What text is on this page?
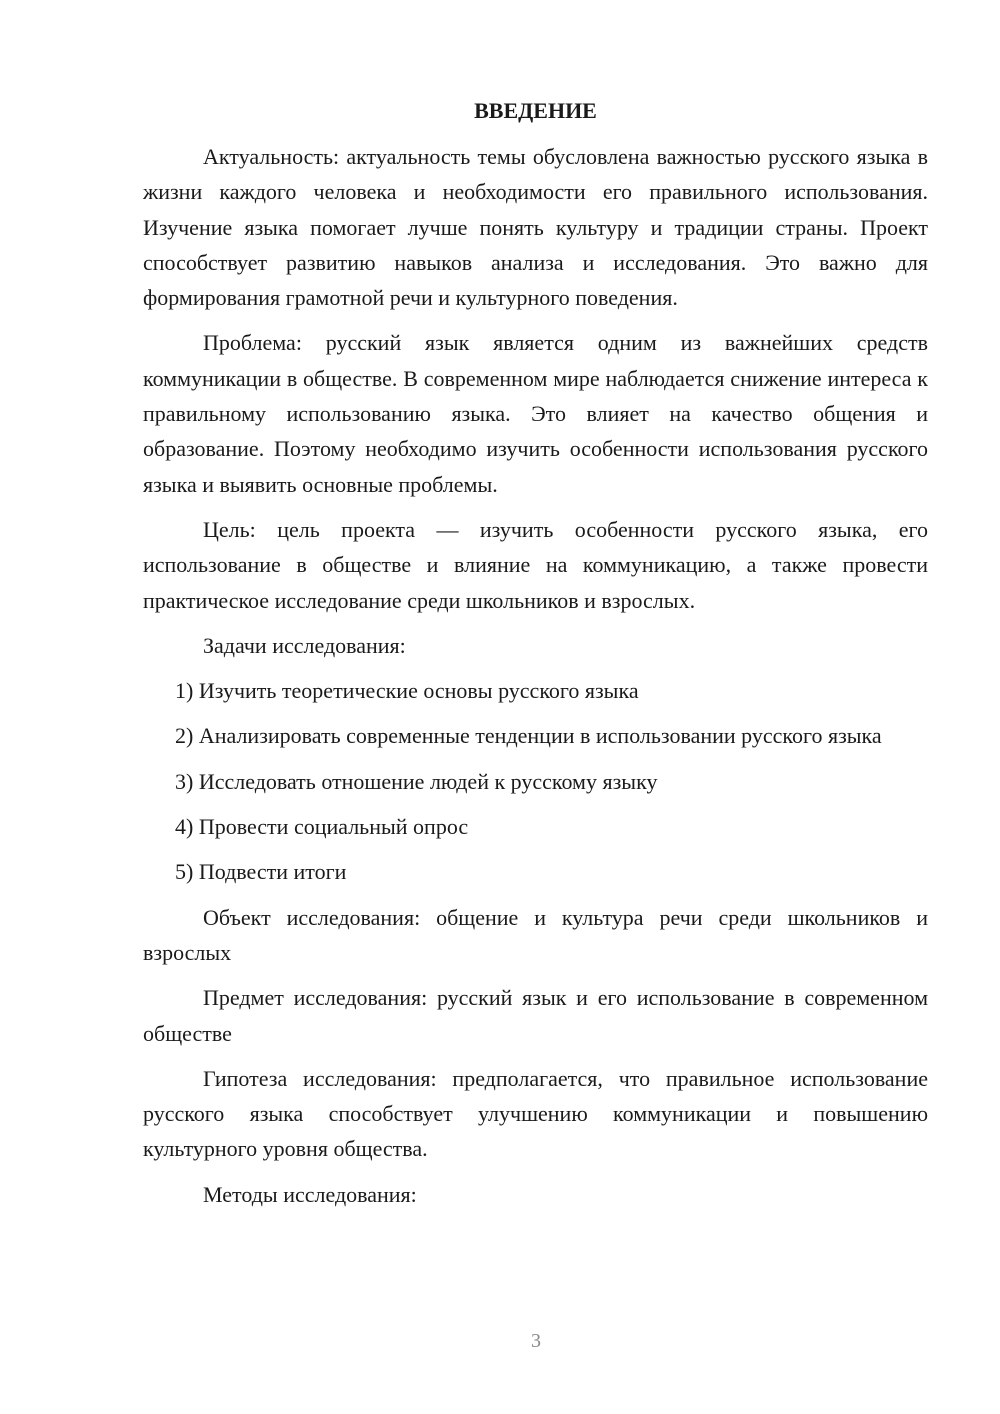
ВВЕДЕНИЕ

Актуальность: актуальность темы обусловлена важностью русского языка в жизни каждого человека и необходимости его правильного использования. Изучение языка помогает лучше понять культуру и традиции страны. Проект способствует развитию навыков анализа и исследования. Это важно для формирования грамотной речи и культурного поведения.

Проблема: русский язык является одним из важнейших средств коммуникации в обществе. В современном мире наблюдается снижение интереса к правильному использованию языка. Это влияет на качество общения и образование. Поэтому необходимо изучить особенности использования русского языка и выявить основные проблемы.

Цель: цель проекта — изучить особенности русского языка, его использование в обществе и влияние на коммуникацию, а также провести практическое исследование среди школьников и взрослых.

Задачи исследования:

1) Изучить теоретические основы русского языка

2) Анализировать современные тенденции в использовании русского языка

3) Исследовать отношение людей к русскому языку

4) Провести социальный опрос

5) Подвести итоги

Объект исследования: общение и культура речи среди школьников и взрослых

Предмет исследования: русский язык и его использование в современном обществе

Гипотеза исследования: предполагается, что правильное использование русского языка способствует улучшению коммуникации и повышению культурного уровня общества.

Методы исследования:

3
